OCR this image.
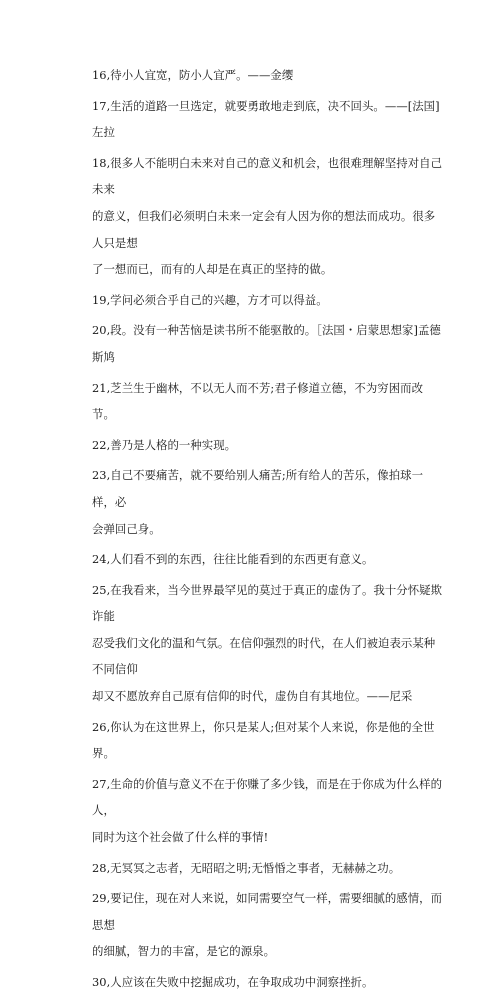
16,待小人宜宽，防小人宜严。——金缨

17,生活的道路一旦选定，就要勇敢地走到底，决不回头。——[法国]左拉

18,很多人不能明白未来对自己的意义和机会，也很难理解坚持对自己未来
的意义，但我们必须明白未来一定会有人因为你的想法而成功。很多人只是想
了一想而已，而有的人却是在真正的坚持的做。

19,学问必须合乎自己的兴趣，方才可以得益。

20,段。没有一种苦恼是读书所不能驱散的。［法国・启蒙思想家]孟德斯鸠

21,芝兰生于幽林，不以无人而不芳;君子修道立德，不为穷困而改节。

22,善乃是人格的一种实现。

23,自己不要痛苦，就不要给别人痛苦;所有给人的苦乐，像拍球一样，必
会弹回己身。

24,人们看不到的东西，往往比能看到的东西更有意义。

25,在我看来，当今世界最罕见的莫过于真正的虚伪了。我十分怀疑欺诈能
忍受我们文化的温和气氛。在信仰强烈的时代，在人们被迫表示某种不同信仰
却又不愿放弃自己原有信仰的时代，虚伪自有其地位。——尼采

26,你认为在这世界上，你只是某人;但对某个人来说，你是他的全世界。

27,生命的价值与意义不在于你赚了多少钱，而是在于你成为什么样的人，
同时为这个社会做了什么样的事情!

28,无冥冥之志者，无昭昭之明;无惛惛之事者，无赫赫之功。

29,要记住，现在对人来说，如同需要空气一样，需要细腻的感情，而思想
的细腻，智力的丰富，是它的源泉。

30,人应该在失败中挖掘成功，在争取成功中洞察挫折。
